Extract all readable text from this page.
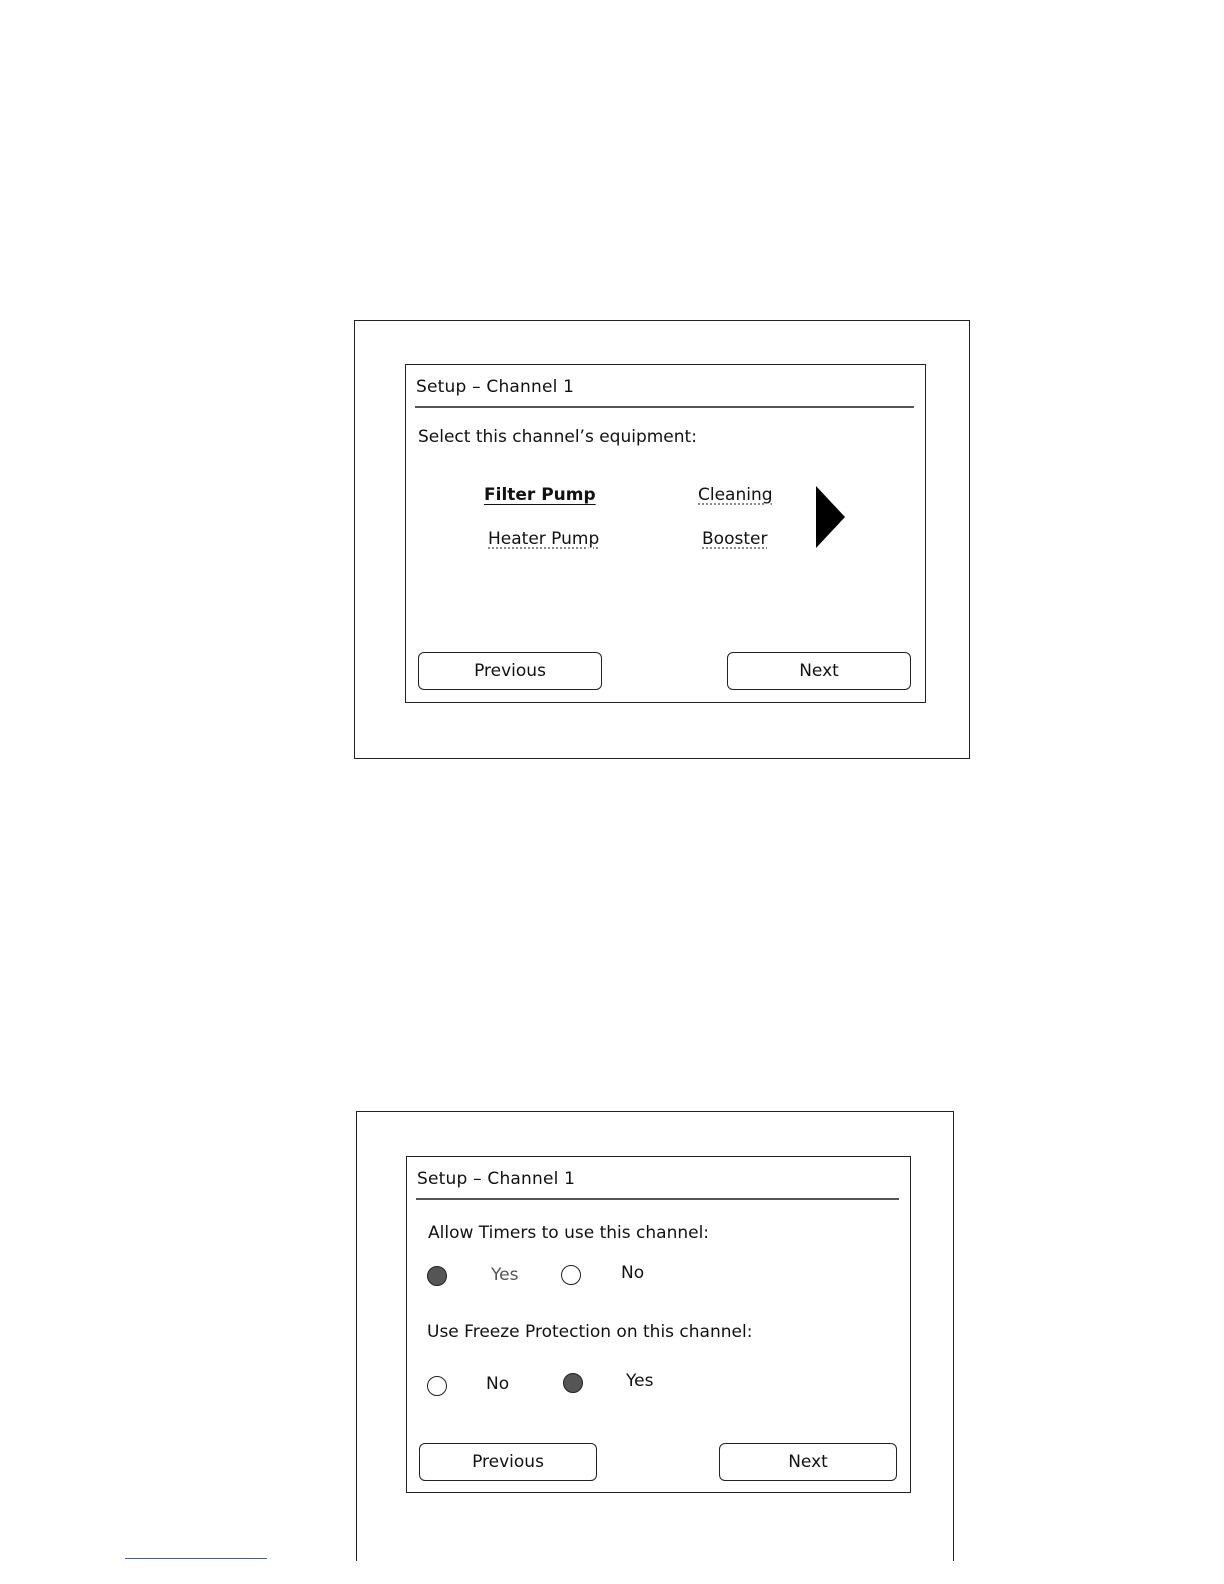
Setup – Channel 1
Select this channel’s equipment:
Filter Pump	Cleaning
Heater Pump	Booster
Previous	Next
Setup – Channel 1
Allow Timers to use this channel:
Yes	No
Use Freeze Protection on this channel:
No	Yes
Previous	Next
